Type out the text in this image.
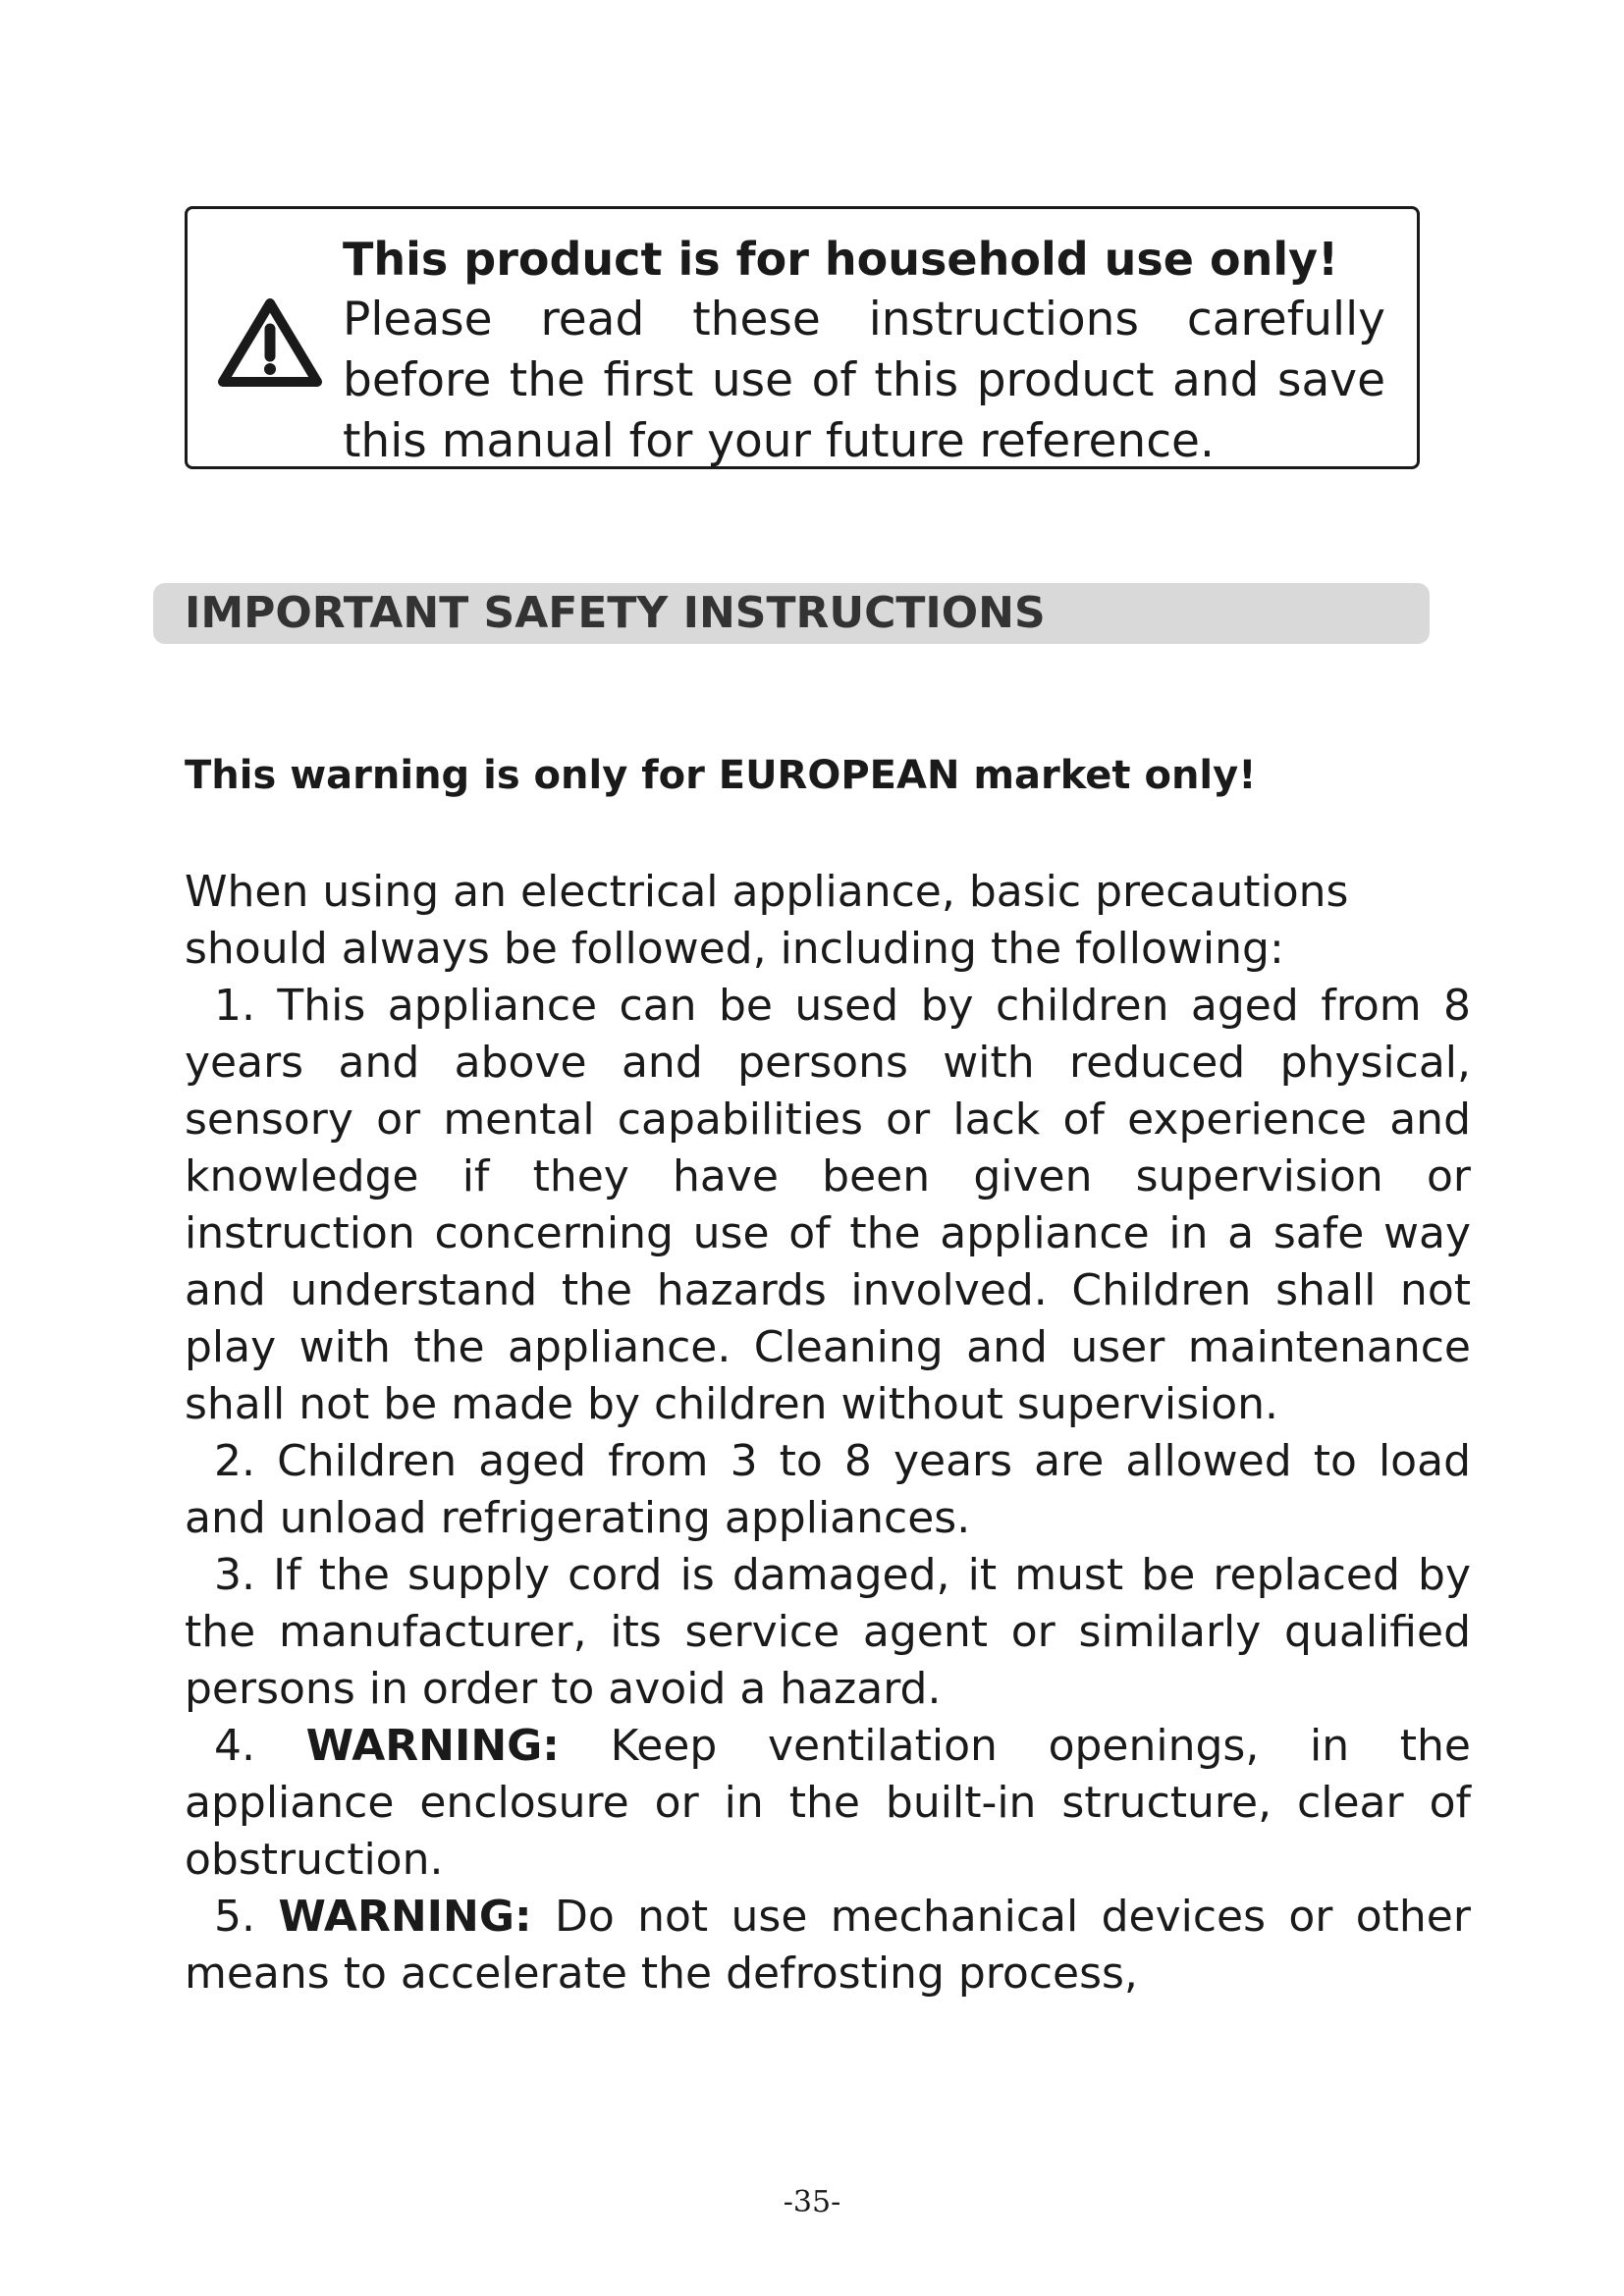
This product is for household use only!
Please read these instructions carefully before the first use of this product and save this manual for your future reference.
IMPORTANT SAFETY INSTRUCTIONS
This warning is only for EUROPEAN market only!

When using an electrical appliance, basic precautions should always be followed, including the following:

1. This appliance can be used by children aged from 8 years and above and persons with reduced physical, sensory or mental capabilities or lack of experience and knowledge if they have been given supervision or instruction concerning use of the appliance in a safe way and understand the hazards involved. Children shall not play with the appliance. Cleaning and user maintenance shall not be made by children without supervision.

2. Children aged from 3 to 8 years are allowed to load and unload refrigerating appliances.

3. If the supply cord is damaged, it must be replaced by the manufacturer, its service agent or similarly qualified persons in order to avoid a hazard.

4. WARNING: Keep ventilation openings, in the appliance enclosure or in the built-in structure, clear of obstruction.

5. WARNING: Do not use mechanical devices or other means to accelerate the defrosting process,

-35-
